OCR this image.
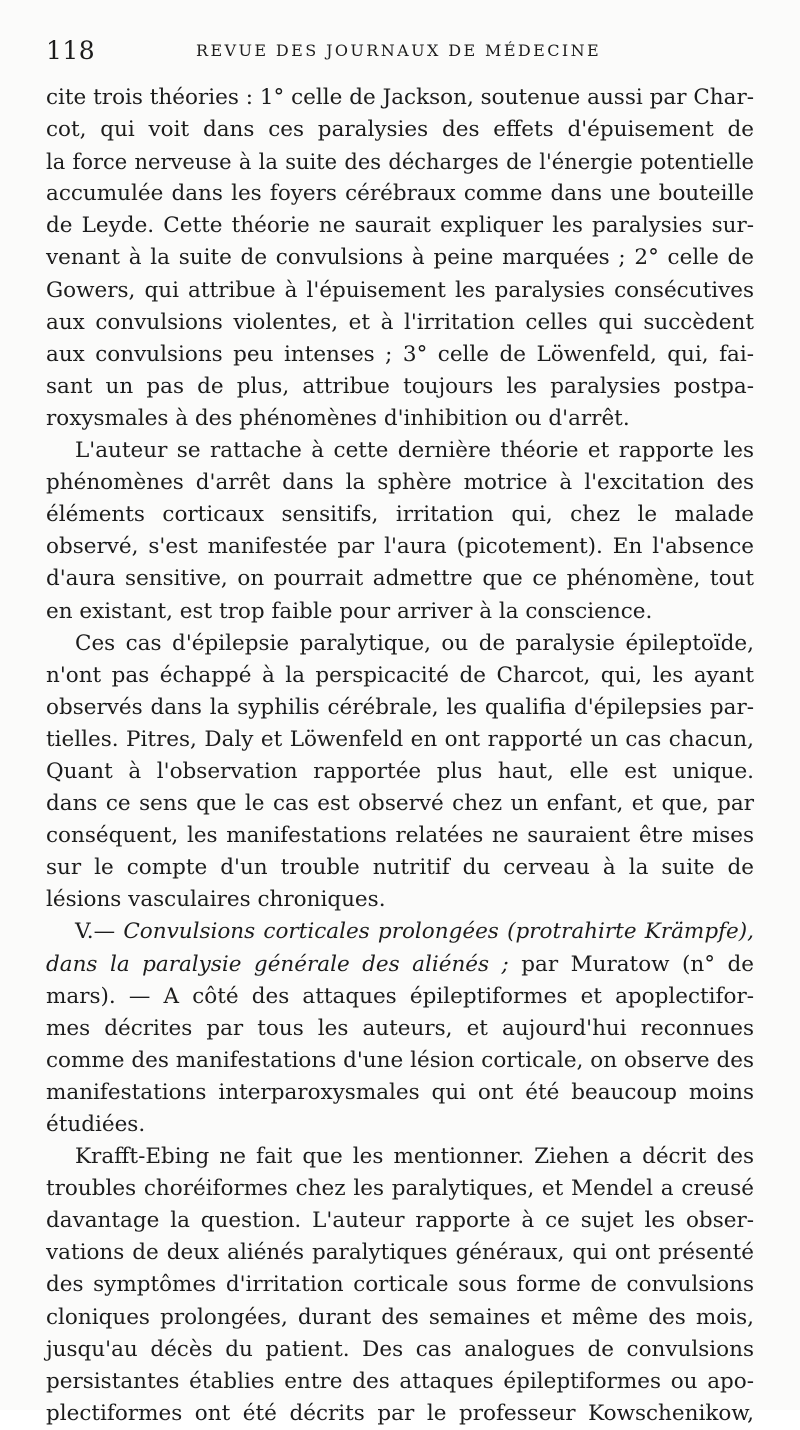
118	REVUE DES JOURNAUX DE MÉDECINE
cite trois théories : 1° celle de Jackson, soutenue aussi par Char-
cot, qui voit dans ces paralysies des effets d'épuisement de
la force nerveuse à la suite des décharges de l'énergie potentielle
accumulée dans les foyers cérébraux comme dans une bouteille
de Leyde. Cette théorie ne saurait expliquer les paralysies sur-
venant à la suite de convulsions à peine marquées ; 2° celle de
Gowers, qui attribue à l'épuisement les paralysies consécutives
aux convulsions violentes, et à l'irritation celles qui succèdent
aux convulsions peu intenses ; 3° celle de Löwenfeld, qui, fai-
sant un pas de plus, attribue toujours les paralysies postpa-
roxysmales à des phénomènes d'inhibition ou d'arrêt.
L'auteur se rattache à cette dernière théorie et rapporte les
phénomènes d'arrêt dans la sphère motrice à l'excitation des
éléments corticaux sensitifs, irritation qui, chez le malade
observé, s'est manifestée par l'aura (picotement). En l'absence
d'aura sensitive, on pourrait admettre que ce phénomène, tout
en existant, est trop faible pour arriver à la conscience.
Ces cas d'épilepsie paralytique, ou de paralysie épileptoïde,
n'ont pas échappé à la perspicacité de Charcot, qui, les ayant
observés dans la syphilis cérébrale, les qualifia d'épilepsies par-
tielles. Pitres, Daly et Löwenfeld en ont rapporté un cas chacun,
Quant à l'observation rapportée plus haut, elle est unique.
dans ce sens que le cas est observé chez un enfant, et que, par
conséquent, les manifestations relatées ne sauraient être mises
sur le compte d'un trouble nutritif du cerveau à la suite de
lésions vasculaires chroniques.
V.— Convulsions corticales prolongées (protrahirte Krämpfe),
dans la paralysie générale des aliénés ; par Muratow (n° de
mars). — A côté des attaques épileptiformes et apoplectifor-
mes décrites par tous les auteurs, et aujourd'hui reconnues
comme des manifestations d'une lésion corticale, on observe des
manifestations interparoxysmales qui ont été beaucoup moins
étudiées.
Krafft-Ebing ne fait que les mentionner. Ziehen a décrit des
troubles choréiformes chez les paralytiques, et Mendel a creusé
davantage la question. L'auteur rapporte à ce sujet les obser-
vations de deux aliénés paralytiques généraux, qui ont présenté
des symptômes d'irritation corticale sous forme de convulsions
cloniques prolongées, durant des semaines et même des mois,
jusqu'au décès du patient. Des cas analogues de convulsions
persistantes établies entre des attaques épileptiformes ou apo-
plectiformes ont été décrits par le professeur Kowschenikow,
